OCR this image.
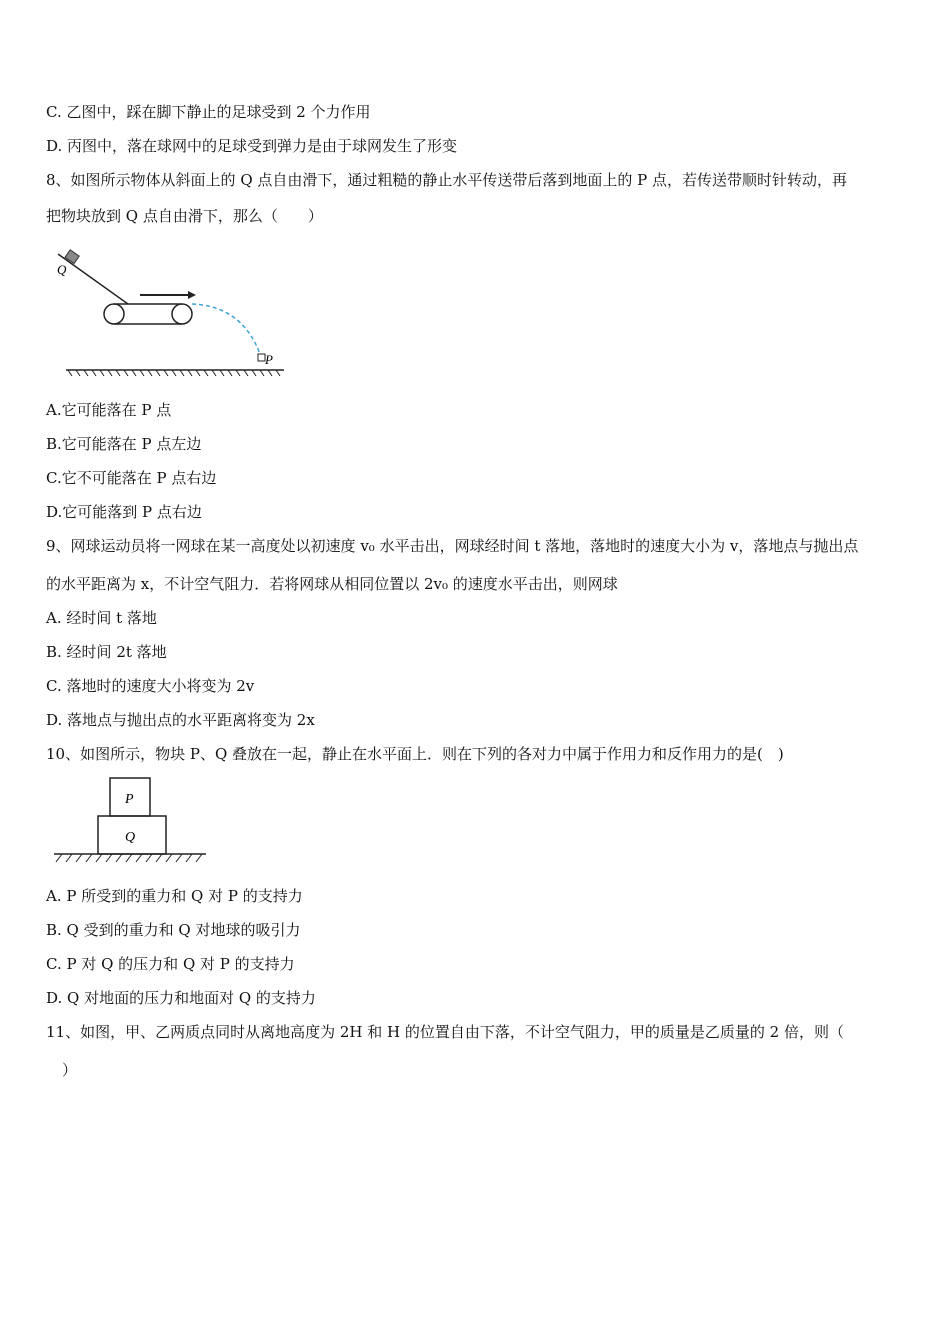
C. 乙图中，踩在脚下静止的足球受到 2 个力作用
D. 丙图中，落在球网中的足球受到弹力是由于球网发生了形变
8、如图所示物体从斜面上的 Q 点自由滑下，通过粗糙的静止水平传送带后落到地面上的 P 点，若传送带顺时针转动，再
把物块放到 Q 点自由滑下，那么（　　）
Q
P
A.它可能落在 P 点
B.它可能落在 P 点左边
C.它不可能落在 P 点右边
D.它可能落到 P 点右边
9、网球运动员将一网球在某一高度处以初速度 v₀ 水平击出，网球经时间 t 落地，落地时的速度大小为 v，落地点与抛出点
的水平距离为 x，不计空气阻力．若将网球从相同位置以 2v₀ 的速度水平击出，则网球
A. 经时间 t 落地
B. 经时间 2t 落地
C. 落地时的速度大小将变为 2v
D. 落地点与抛出点的水平距离将变为 2x
10、如图所示，物块 P、Q 叠放在一起，静止在水平面上．则在下列的各对力中属于作用力和反作用力的是(　)
P
Q
A. P 所受到的重力和 Q 对 P 的支持力
B. Q 受到的重力和 Q 对地球的吸引力
C. P 对 Q 的压力和 Q 对 P 的支持力
D. Q 对地面的压力和地面对 Q 的支持力
11、如图，甲、乙两质点同时从离地高度为 2H 和 H 的位置自由下落，不计空气阻力，甲的质量是乙质量的 2 倍，则（
）
